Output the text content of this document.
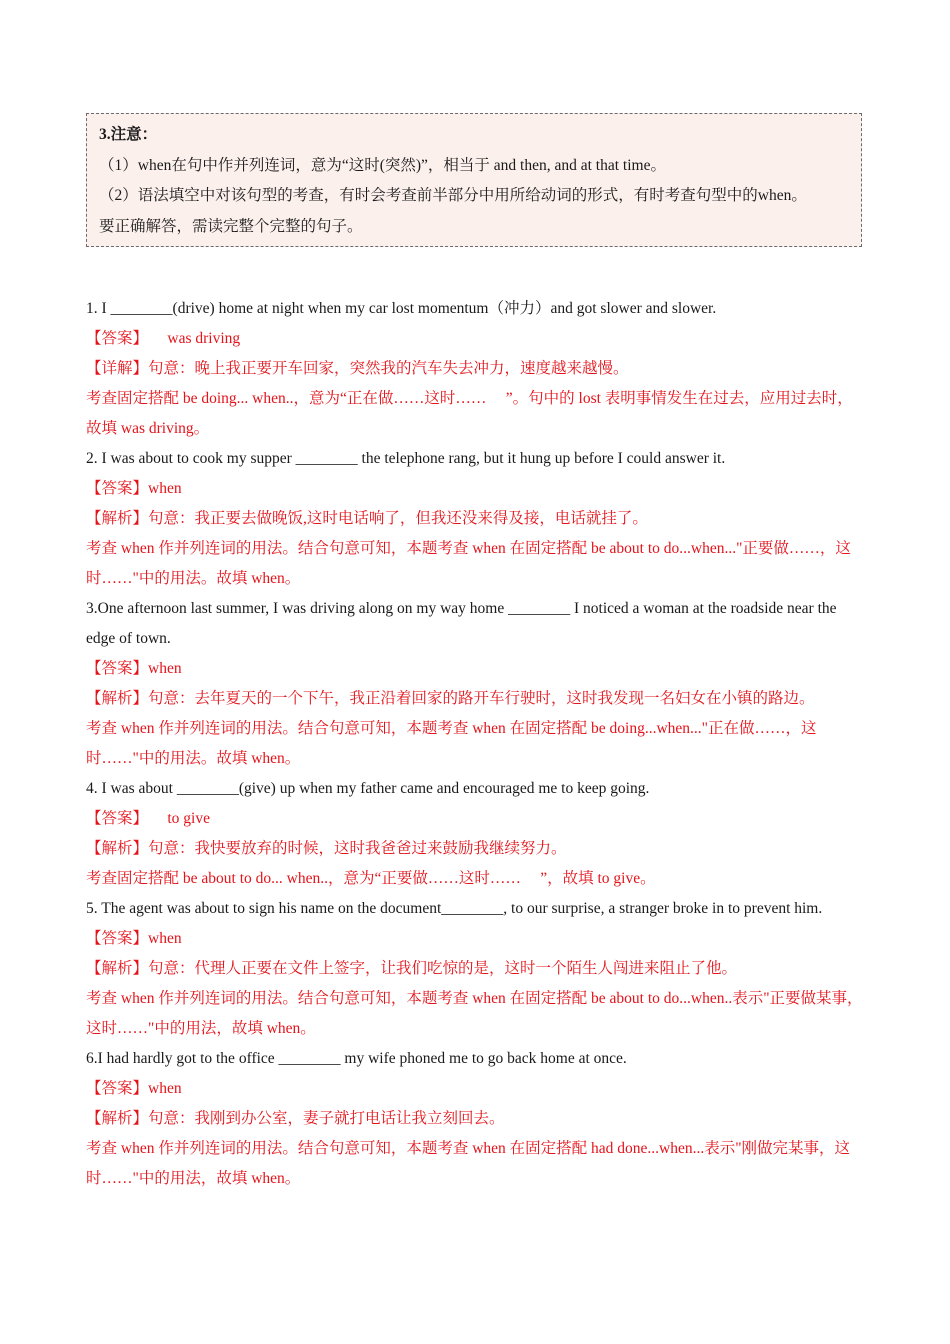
3.注意：
（1）when在句中作并列连词，意为“这时(突然)”，相当于 and then, and at that time。
（2）语法填空中对该句型的考查，有时会考查前半部分中用所给动词的形式，有时考查句型中的when。
要正确解答，需读完整个完整的句子。

1. I ________(drive) home at night when my car lost momentum（冲力）and got slower and slower.

【答案】 　was driving

【详解】句意：晚上我正要开车回家，突然我的汽车失去冲力，速度越来越慢。

考查固定搭配 be doing... when..，意为“正在做……这时…… 　”。句中的 lost 表明事情发生在过去，应用过去时，故填 was driving。

2. I was about to cook my supper ________ the telephone rang, but it hung up before I could answer it.

【答案】when

【解析】句意：我正要去做晚饭,这时电话响了，但我还没来得及接，电话就挂了。

考查 when 作并列连词的用法。结合句意可知，本题考查 when 在固定搭配 be about to do...when..."正要做……，这时……"中的用法。故填 when。

3.One afternoon last summer, I was driving along on my way home ________ I noticed a woman at the roadside near the edge of town.

【答案】when

【解析】句意：去年夏天的一个下午，我正沿着回家的路开车行驶时，这时我发现一名妇女在小镇的路边。

考查 when 作并列连词的用法。结合句意可知，本题考查 when 在固定搭配 be doing...when..."正在做……，这时……"中的用法。故填 when。

4. I was about ________(give) up when my father came and encouraged me to keep going.

【答案】 　to give

【解析】句意：我快要放弃的时候，这时我爸爸过来鼓励我继续努力。

考查固定搭配 be about to do... when..，意为“正要做……这时…… 　”，故填 to give。

5. The agent was about to sign his name on the document________, to our surprise, a stranger broke in to prevent him.

【答案】when

【解析】句意：代理人正要在文件上签字，让我们吃惊的是，这时一个陌生人闯进来阻止了他。

考查 when 作并列连词的用法。结合句意可知，本题考查 when 在固定搭配 be about to do...when..表示"正要做某事，这时……"中的用法，故填 when。

6.I had hardly got to the office ________ my wife phoned me to go back home at once.

【答案】when

【解析】句意：我刚到办公室，妻子就打电话让我立刻回去。

考查 when 作并列连词的用法。结合句意可知，本题考查 when 在固定搭配 had done...when...表示"刚做完某事，这时……"中的用法，故填 when。
